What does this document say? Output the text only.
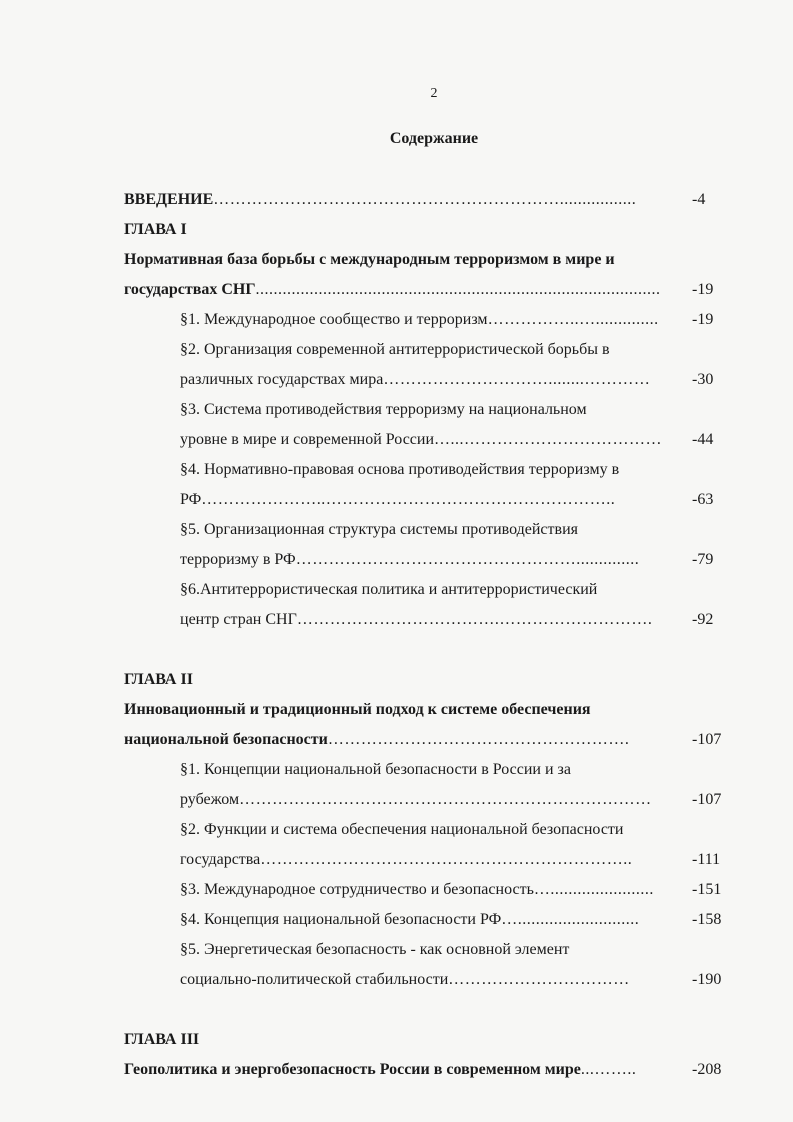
2
Содержание
ВВЕДЕНИЕ……………………………………………………….................	-4
ГЛАВА I
Нормативная база борьбы с международным терроризмом в мире и
государствах СНГ.......................................................................................... -19
§1. Международное сообщество и терроризм……………..….............. -19
§2. Организация современной антитеррористической борьбы в
различных государствах мира…………………………........…………	-30
§3. Система противодействия терроризму на национальном
уровне в мире и современной России…...……………………………… -44
§4. Нормативно-правовая основа противодействия терроризму в
РФ…………………..……………………………………………..	-63
§5. Организационная структура системы противодействия
терроризму в РФ……………………………………………..............	-79
§6.Антитеррористическая политика и антитеррористический
центр стран СНГ……………………………….………………………. -92
ГЛАВА II
Инновационный и традиционный подход к системе обеспечения
национальной безопасности……………………………………………….	-107
§1. Концепции национальной безопасности в России и за
рубежом…………………………………………………………………	-107
§2. Функции и система обеспечения национальной безопасности
государства…………………………………………………………..	-111
§3. Международное сотрудничество и безопасность…....................... -151
§4. Концепция национальной безопасности РФ…...........................	-158
§5. Энергетическая безопасность - как основной элемент
социально-политической стабильности……………………………	-190
ГЛАВА III
Геополитика и энергобезопасность России в современном мире...……..	-208
